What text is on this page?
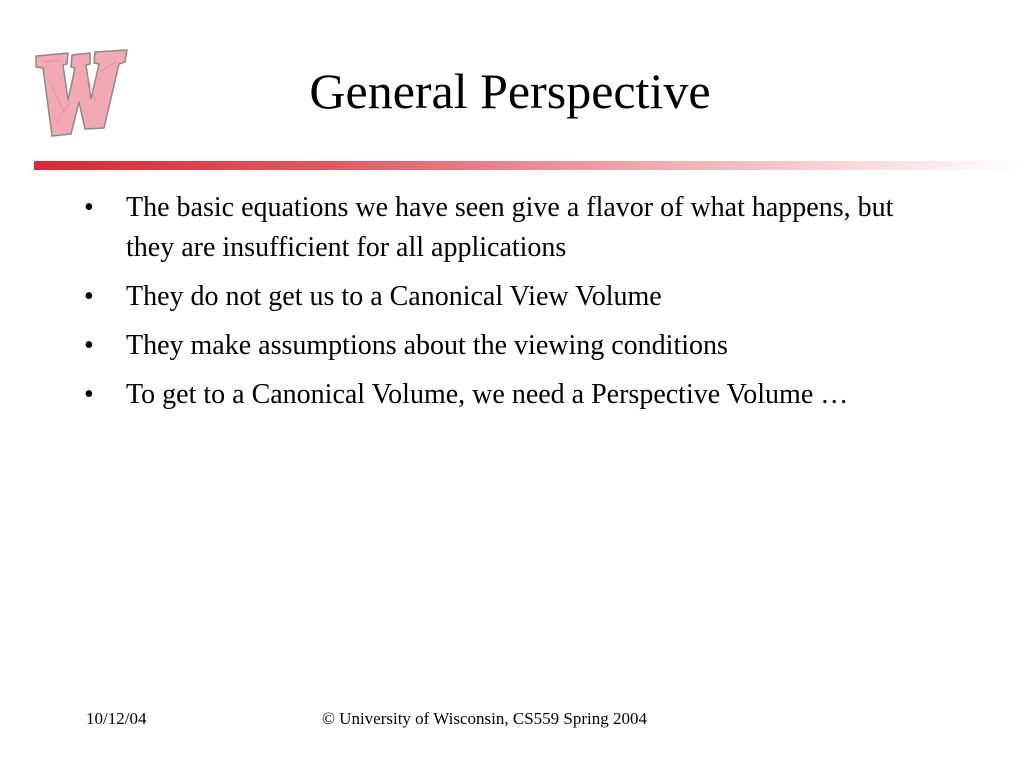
General Perspective
•	The basic equations we have seen give a flavor of what happens, but they are insufficient for all applications
•	They do not get us to a Canonical View Volume
•	They make assumptions about the viewing conditions
•	To get to a Canonical Volume, we need a Perspective Volume …
10/12/04	© University of Wisconsin, CS559 Spring 2004
